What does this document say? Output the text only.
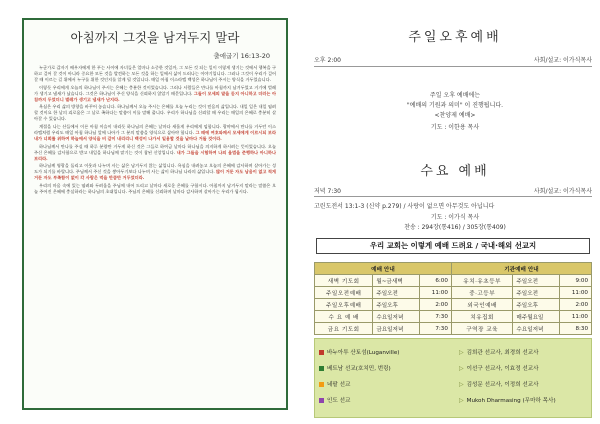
아침까지 그것을 남겨두지 말라
출애굽기 16:13-20

누군가로 갑자기 배우자에게 한 푸는 사이에 자녀들은 얼마나 소중한 것일까, 그 모든 것 되는 일이 이렇게 생기는 것에서 행복을 구하고 걸어 갈 것이 아니라 중요한 모든 것을 발견하는 모든 것을 하는 일에서 삶이 드러나는 이야기입니다. 그러나 그것이 우리가 걸어갈 때 이르는 길 위에서 누구를 위한 것인지를 알게 될 것입니다. 매일 아침 이스라엘 백성은 하나님이 주시는 양식을 거두었습니다.

이렇듯 우리에게 오늘의 하나님이 주시는 은혜는 충분한 것이었습니다. 그러나 사람들은 만나를 아침까지 남겨두었고 거기에 벌레가 생기고 냄새가 났습니다. 그것은 하나님이 주신 양식을 신뢰하지 않았기 때문입니다. 그들이 모세의 말을 듣지 아니하고 더러는 아침까지 두었더니 벌레가 생기고 냄새가 난지라.

욕심은 우리 삶의 방향을 바꾸어 놓습니다. 하나님께서 오늘 주시는 은혜를 오늘 누리는 것이 믿음의 삶입니다. 내일 일은 내일 염려할 것이요 한 날의 괴로움은 그 날로 족하다는 말씀이 이를 말해 줍니다. 우리가 하나님을 신뢰할 때 우리는 매일의 은혜로 충분히 살아갈 수 있습니다.

계절을 나는 산들에서 이른 아침 이슬이 내리듯 하나님의 은혜는 날마다 새롭게 우리에게 임합니다. 광야에서 만나를 거두던 이스라엘처럼 우리도 매일 아침 하나님 앞에 나아가 그 분의 말씀을 양식으로 삼아야 합니다. 그 때에 여호와께서 모세에게 이르시되 보라 내가 너희를 위하여 하늘에서 양식을 비 같이 내리리니 백성이 나가서 일용할 것을 날마다 거둘 것이라.

하나님께서 만나를 주실 때 하루 분량만 거두게 하신 것은 그들로 하여금 날마다 하나님을 의지하게 하시려는 뜻이었습니다. 오늘 주신 은혜를 감사함으로 받고 내일을 하나님께 맡기는 것이 참된 신앙입니다. 내가 그들을 시험하여 나의 율법을 준행하나 아니하나 보리라.

하나님께 영광을 돌리고 이웃과 나누며 사는 삶은 남겨두지 않는 삶입니다. 욕심을 내려놓고 오늘의 은혜에 감사하며 살아가는 성도가 되기를 바랍니다. 주님께서 주신 것을 쌓아두기보다 나누며 사는 삶이 하나님 나라의 삶입니다. 많이 거둔 자도 남음이 없고 적게 거둔 자도 부족함이 없이 각 사람은 먹을 만큼만 거두었더라.

우리의 마음 속에 있는 염려와 두려움을 주님께 내어 드리고 날마다 새로운 은혜를 구합시다. 아침까지 남겨두지 말라는 말씀은 오늘 주어진 은혜에 충실하라는 하나님의 초대입니다. 주님의 은혜를 신뢰하며 날마다 감사하며 살아가는 우리가 됩시다.

주일오후예배
오후 2:00	사회/설교: 이가식목사
주일 오후 예배에는
"예배의 기원과 의미" 이 진행됩니다.
<찬양제 예배>
기도 : 이한용 목사
수요 예배
저녁 7:30	사회/설교: 이가식목사
고린도전서 13:1-3 (신약 p.279) / 사랑이 없으면 아무것도 아닙니다
기도 : 이가식 목사
찬송 : 294장(통416) / 305장(통409)
우리 교회는 이렇게 예배 드려요 / 국내·해외 선교지
예배 안내			기관예배 안내		
새벽 기도회	월~금새벽	6:00	유치·유초등부	주일오전	9:00
주일오전예배	주일오전	11:00	중·고등부	주일오전	11:00
주일오후예배	주일오후	2:00	외국인예배	주일오후	2:00
수 요 예 배	수요일저녁	7:30	치유집회	매주월요일	11:00
금요 기도회	금요일저녁	7:30	구역장 교육	수요일저녁	8:30
바누아투 산토섬(Luganville)	▷ 김희관 선교사, 최경희 선교사
베트남 선교(호치민, 번링)	▷ 이선구 선교사, 이효정 선교사
네팔 선교	▷ 김성문 선교사, 이정희 선교사
인도 선교	▷ Mukoh Dharmasing (무마하 목사)
